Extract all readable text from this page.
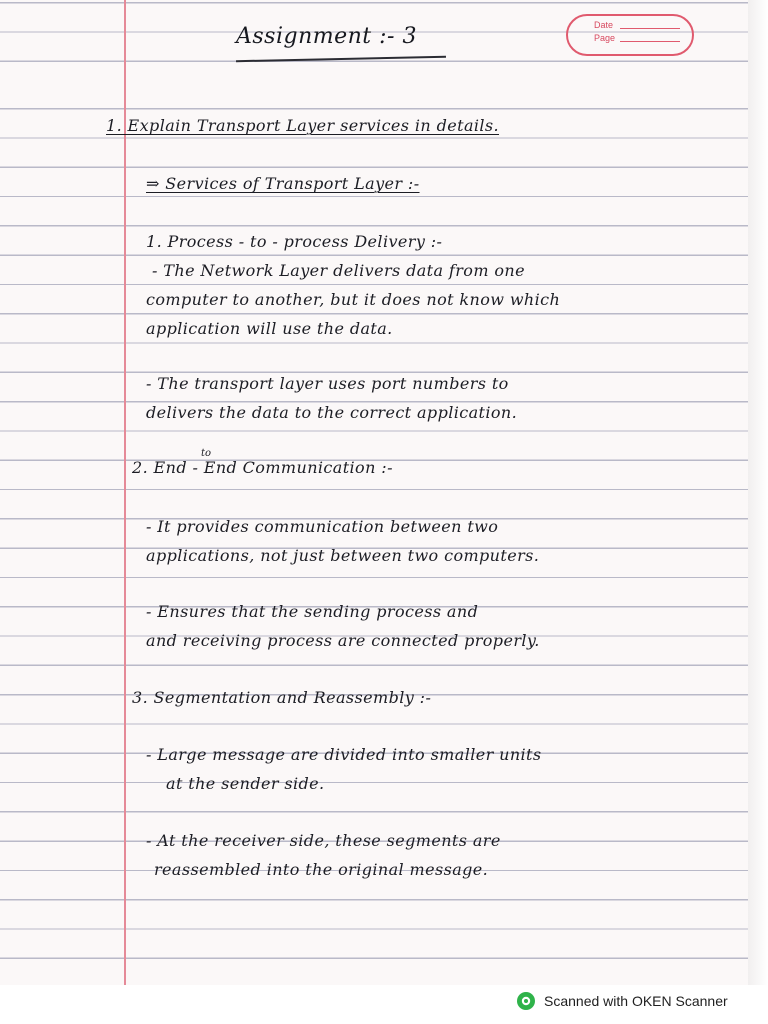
Date
Page
Assignment :- 3
1. Explain Transport Layer services in details.
⇒ Services of Transport Layer :-
1. Process - to - process Delivery :-
- The Network Layer delivers data from one
computer to another, but it does not know which
application will use the data.
- The transport layer uses port numbers to
delivers the data to the correct application.
to
2. End - End Communication :-
- It provides communication between two
applications, not just between two computers.
- Ensures that the sending process and
and receiving process are connected properly.
3. Segmentation and Reassembly :-
- Large message are divided into smaller units
at the sender side.
- At the receiver side, these segments are
reassembled into the original message.
Scanned with OKEN Scanner
